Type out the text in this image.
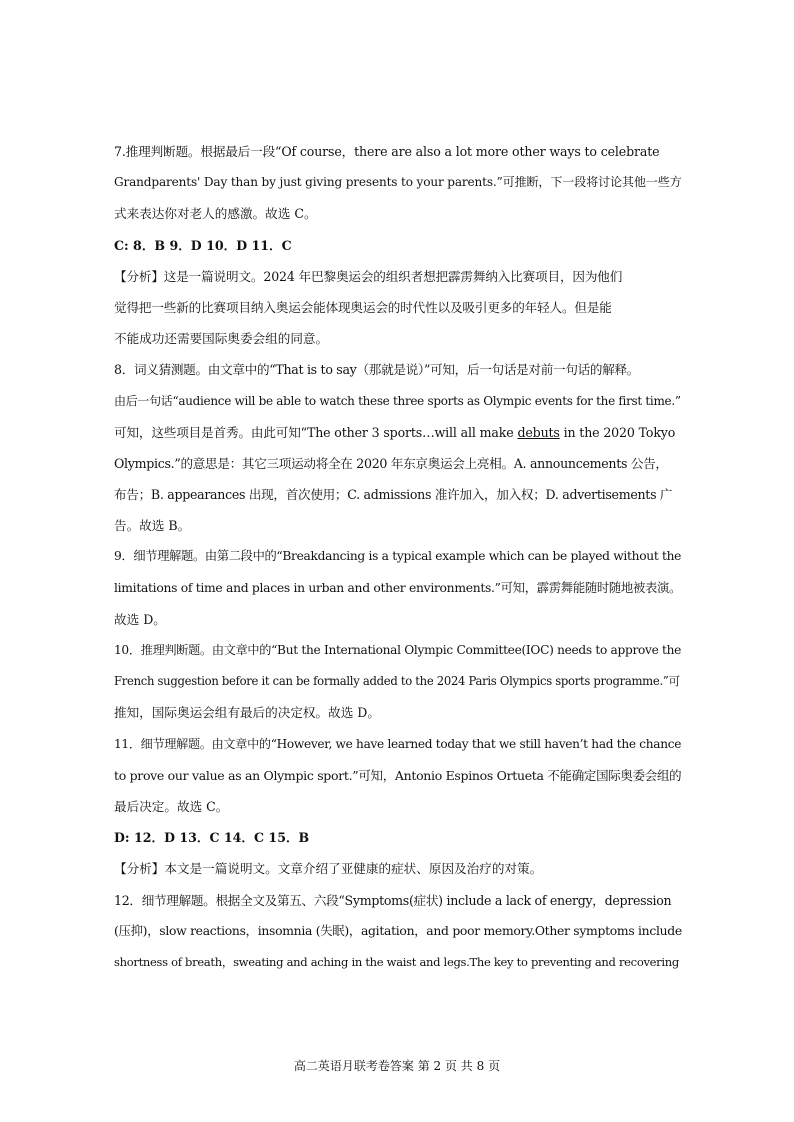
7.推理判断题。根据最后一段“Of course，there are also a lot more other ways to celebrate
Grandparents' Day than by just giving presents to your parents.”可推断，下一段将讨论其他一些方
式来表达你对老人的感激。故选 C。
C: 8．B 9．D 10．D 11．C
【分析】这是一篇说明文。2024 年巴黎奥运会的组织者想把霹雳舞纳入比赛项目，因为他们
觉得把一些新的比赛项目纳入奥运会能体现奥运会的时代性以及吸引更多的年轻人。但是能
不能成功还需要国际奥委会组的同意。
8．词义猜测题。由文章中的“That is to say（那就是说）”可知，后一句话是对前一句话的解释。
由后一句话“audience will be able to watch these three sports as Olympic events for the first time.”
可知，这些项目是首秀。由此可知“The other 3 sports…will all make debuts in the 2020 Tokyo
Olympics.”的意思是：其它三项运动将全在 2020 年东京奥运会上亮相。A. announcements 公告，
布告；B. appearances 出现，首次使用；C. admissions 准许加入，加入权；D. advertisements 广
告。故选 B。
9．细节理解题。由第二段中的“Breakdancing is a typical example which can be played without the
limitations of time and places in urban and other environments.”可知，霹雳舞能随时随地被表演。
故选 D。
10．推理判断题。由文章中的“But the International Olympic Committee(IOC) needs to approve the
French suggestion before it can be formally added to the 2024 Paris Olympics sports programme.”可
推知，国际奥运会组有最后的决定权。故选 D。
11．细节理解题。由文章中的“However, we have learned today that we still haven’t had the chance
to prove our value as an Olympic sport.”可知，Antonio Espinos Ortueta 不能确定国际奥委会组的
最后决定。故选 C。
D: 12．D 13．C 14．C 15．B
【分析】本文是一篇说明文。文章介绍了亚健康的症状、原因及治疗的对策。
12．细节理解题。根据全文及第五、六段“Symptoms(症状) include a lack of energy，depression
(压抑)，slow reactions，insomnia (失眠)，agitation，and poor memory.Other symptoms include
shortness of breath，sweating and aching in the waist and legs.The key to preventing and recovering
高二英语月联考卷答案 第 2 页 共 8 页
